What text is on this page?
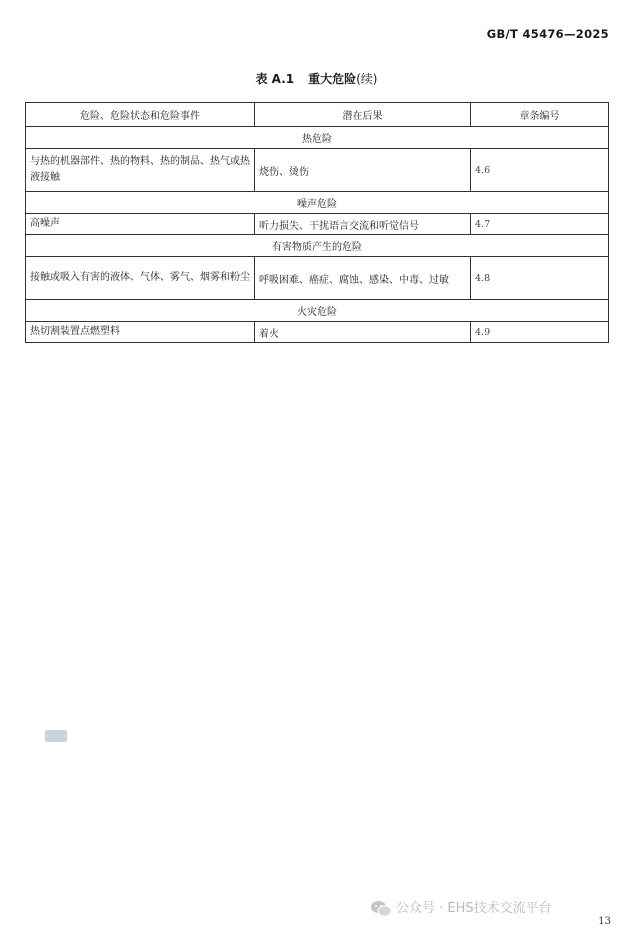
GB/T 45476—2025
表 A.1 重大危险(续)
危险、危险状态和危险事件	潜在后果	章条编号
热危险		
与热的机器部件、热的物料、热的制品、热气或热液接触	烧伤、烫伤	4.6
噪声危险		
高噪声	听力损失、干扰语言交流和听觉信号	4.7
有害物质产生的危险		
接触或吸入有害的液体、气体、雾气、烟雾和粉尘	呼吸困难、癌症、腐蚀、感染、中毒、过敏	4.8
火灾危险		
热切割装置点燃塑料	着火	4.9
公众号 · EHS技术交流平台
13
